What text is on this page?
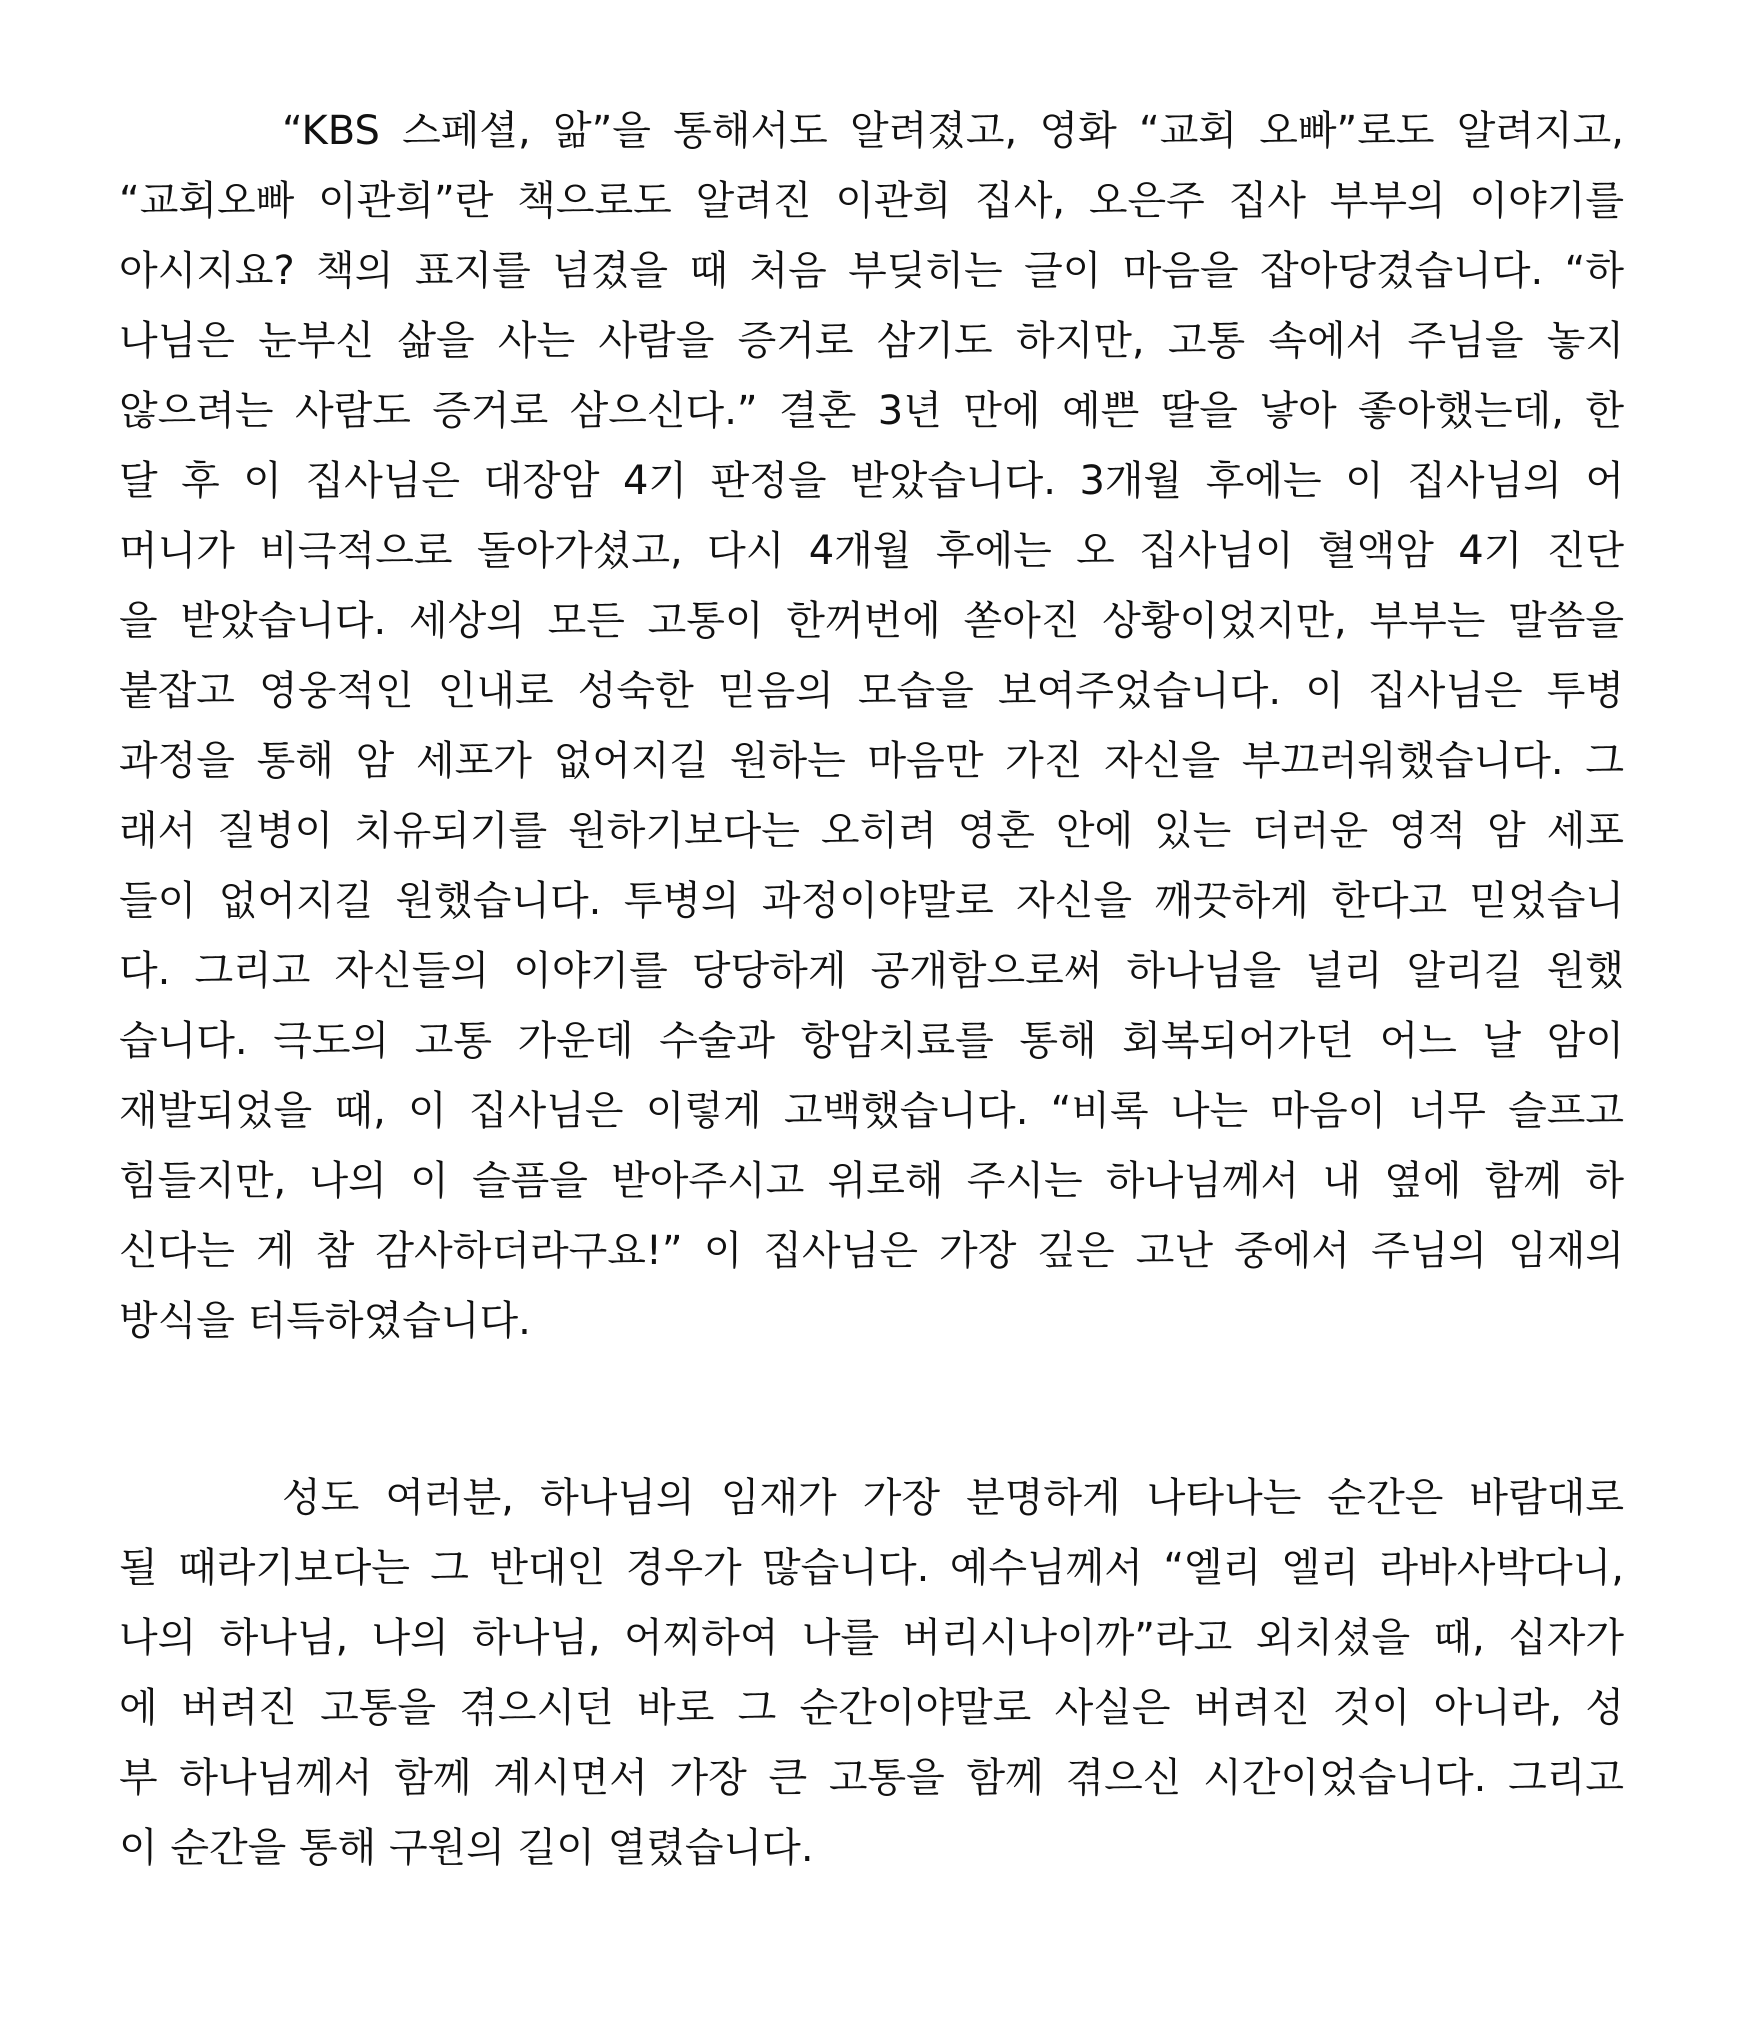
“KBS 스페셜, 앎”을 통해서도 알려졌고, 영화 “교회 오빠”로도 알려지고,

“교회오빠 이관희”란 책으로도 알려진 이관희 집사, 오은주 집사 부부의 이야기를

아시지요? 책의 표지를 넘겼을 때 처음 부딪히는 글이 마음을 잡아당겼습니다. “하

나님은 눈부신 삶을 사는 사람을 증거로 삼기도 하지만, 고통 속에서 주님을 놓지

않으려는 사람도 증거로 삼으신다.” 결혼 3년 만에 예쁜 딸을 낳아 좋아했는데, 한

달 후 이 집사님은 대장암 4기 판정을 받았습니다. 3개월 후에는 이 집사님의 어

머니가 비극적으로 돌아가셨고, 다시 4개월 후에는 오 집사님이 혈액암 4기 진단

을 받았습니다. 세상의 모든 고통이 한꺼번에 쏟아진 상황이었지만, 부부는 말씀을

붙잡고 영웅적인 인내로 성숙한 믿음의 모습을 보여주었습니다. 이 집사님은 투병

과정을 통해 암 세포가 없어지길 원하는 마음만 가진 자신을 부끄러워했습니다. 그

래서 질병이 치유되기를 원하기보다는 오히려 영혼 안에 있는 더러운 영적 암 세포

들이 없어지길 원했습니다. 투병의 과정이야말로 자신을 깨끗하게 한다고 믿었습니

다. 그리고 자신들의 이야기를 당당하게 공개함으로써 하나님을 널리 알리길 원했

습니다. 극도의 고통 가운데 수술과 항암치료를 통해 회복되어가던 어느 날 암이

재발되었을 때, 이 집사님은 이렇게 고백했습니다. “비록 나는 마음이 너무 슬프고

힘들지만, 나의 이 슬픔을 받아주시고 위로해 주시는 하나님께서 내 옆에 함께 하

신다는 게 참 감사하더라구요!” 이 집사님은 가장 깊은 고난 중에서 주님의 임재의

방식을 터득하였습니다.

성도 여러분, 하나님의 임재가 가장 분명하게 나타나는 순간은 바람대로

될 때라기보다는 그 반대인 경우가 많습니다. 예수님께서 “엘리 엘리 라바사박다니,

나의 하나님, 나의 하나님, 어찌하여 나를 버리시나이까”라고 외치셨을 때, 십자가

에 버려진 고통을 겪으시던 바로 그 순간이야말로 사실은 버려진 것이 아니라, 성

부 하나님께서 함께 계시면서 가장 큰 고통을 함께 겪으신 시간이었습니다. 그리고

이 순간을 통해 구원의 길이 열렸습니다.
